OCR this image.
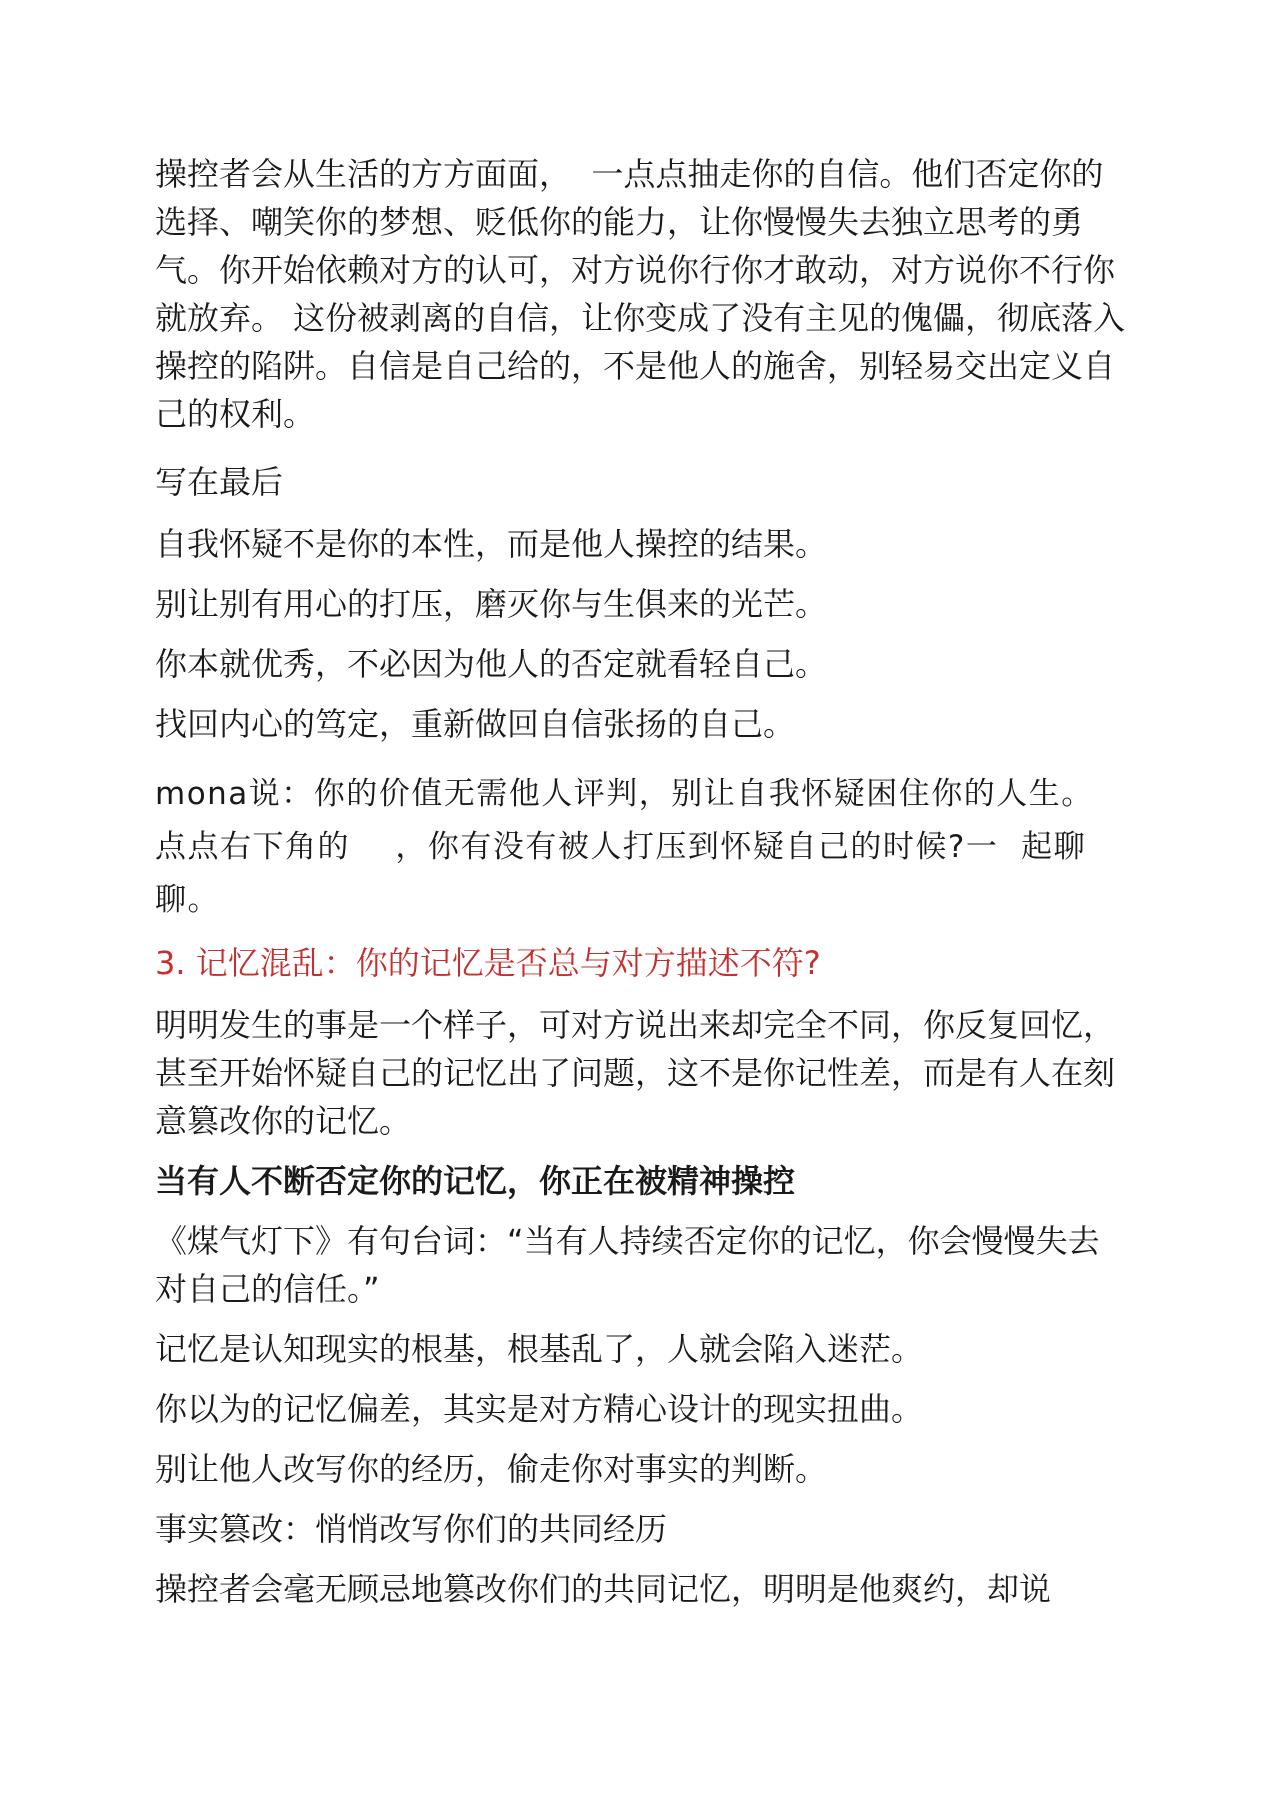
操控者会从生活的方方面面，  一点点抽走你的自信。他们否定你的选择、嘲笑你的梦想、贬低你的能力，让你慢慢失去独立思考的勇气。你开始依赖对方的认可，对方说你行你才敢动，对方说你不行你就放弃。 这份被剥离的自信，让你变成了没有主见的傀儡，彻底落入操控的陷阱。自信是自己给的，不是他人的施舍，别轻易交出定义自己的权利。

写在最后

自我怀疑不是你的本性，而是他人操控的结果。

别让别有用心的打压，磨灭你与生俱来的光芒。

你本就优秀，不必因为他人的否定就看轻自己。

找回内心的笃定，重新做回自信张扬的自己。

mona说：你的价值无需他人评判，别让自我怀疑困住你的人生。 点点右下角的    ，你有没有被人打压到怀疑自己的时候?一  起聊聊。

3. 记忆混乱：你的记忆是否总与对方描述不符?

明明发生的事是一个样子，可对方说出来却完全不同，你反复回忆，甚至开始怀疑自己的记忆出了问题，这不是你记性差，而是有人在刻意篡改你的记忆。

当有人不断否定你的记忆，你正在被精神操控

《煤气灯下》有句台词：“当有人持续否定你的记忆，你会慢慢失去对自己的信任。”

记忆是认知现实的根基，根基乱了，人就会陷入迷茫。

你以为的记忆偏差，其实是对方精心设计的现实扭曲。

别让他人改写你的经历，偷走你对事实的判断。

事实篡改：悄悄改写你们的共同经历

操控者会毫无顾忌地篡改你们的共同记忆，明明是他爽约，却说
